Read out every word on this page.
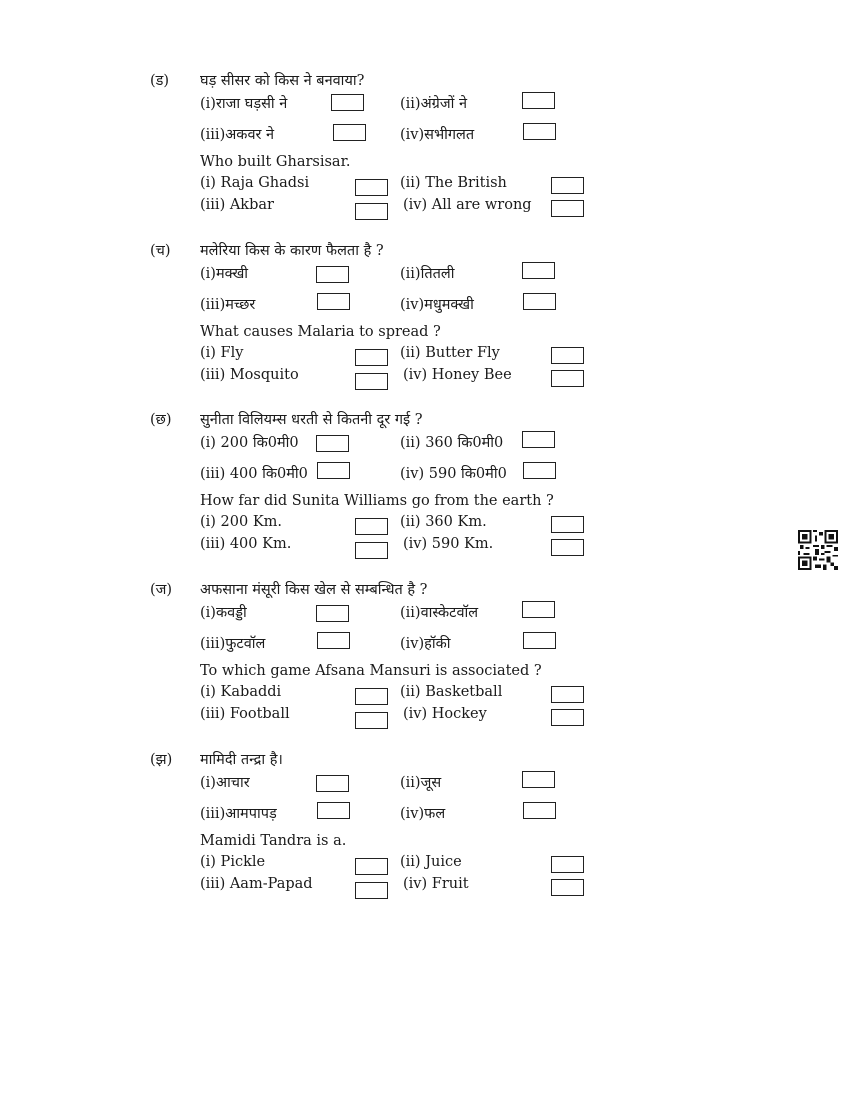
(ड) घड़ सीसर को किस ने बनवाया?
(i)राजा घड़सी ने	(ii)अंग्रेजों ने
(iii)अकवर ने	(iv)सभीगलत
Who built Gharsisar.
(i) Raja Ghadsi	(ii) The British
(iii) Akbar	(iv) All are wrong
(च) मलेरिया किस के कारण फैलता है ?
(i)मक्खी	(ii)तितली
(iii)मच्छर	(iv)मधुमक्खी
What causes Malaria to spread ?
(i) Fly	(ii) Butter Fly
(iii) Mosquito	(iv) Honey Bee
(छ) सुनीता विलियम्स धरती से कितनी दूर गई ?
(i) 200 कि0मी0	(ii) 360 कि0मी0
(iii) 400 कि0मी0	(iv) 590 कि0मी0
How far did Sunita Williams go from the earth ?
(i) 200 Km.	(ii) 360 Km.
(iii) 400 Km.	(iv) 590 Km.
(ज) अफसाना मंसूरी किस खेल से सम्बन्धित है ?
(i)कवड्डी	(ii)वास्केटवॉल
(iii)फुटवॉल	(iv)हॉकी
To which game Afsana Mansuri is associated ?
(i) Kabaddi	(ii) Basketball
(iii) Football	(iv) Hockey
(झ) मामिदी तन्द्रा है।
(i)आचार	(ii)जूस
(iii)आमपापड़	(iv)फल
Mamidi Tandra is a.
(i) Pickle	(ii) Juice
(iii) Aam-Papad	(iv) Fruit
